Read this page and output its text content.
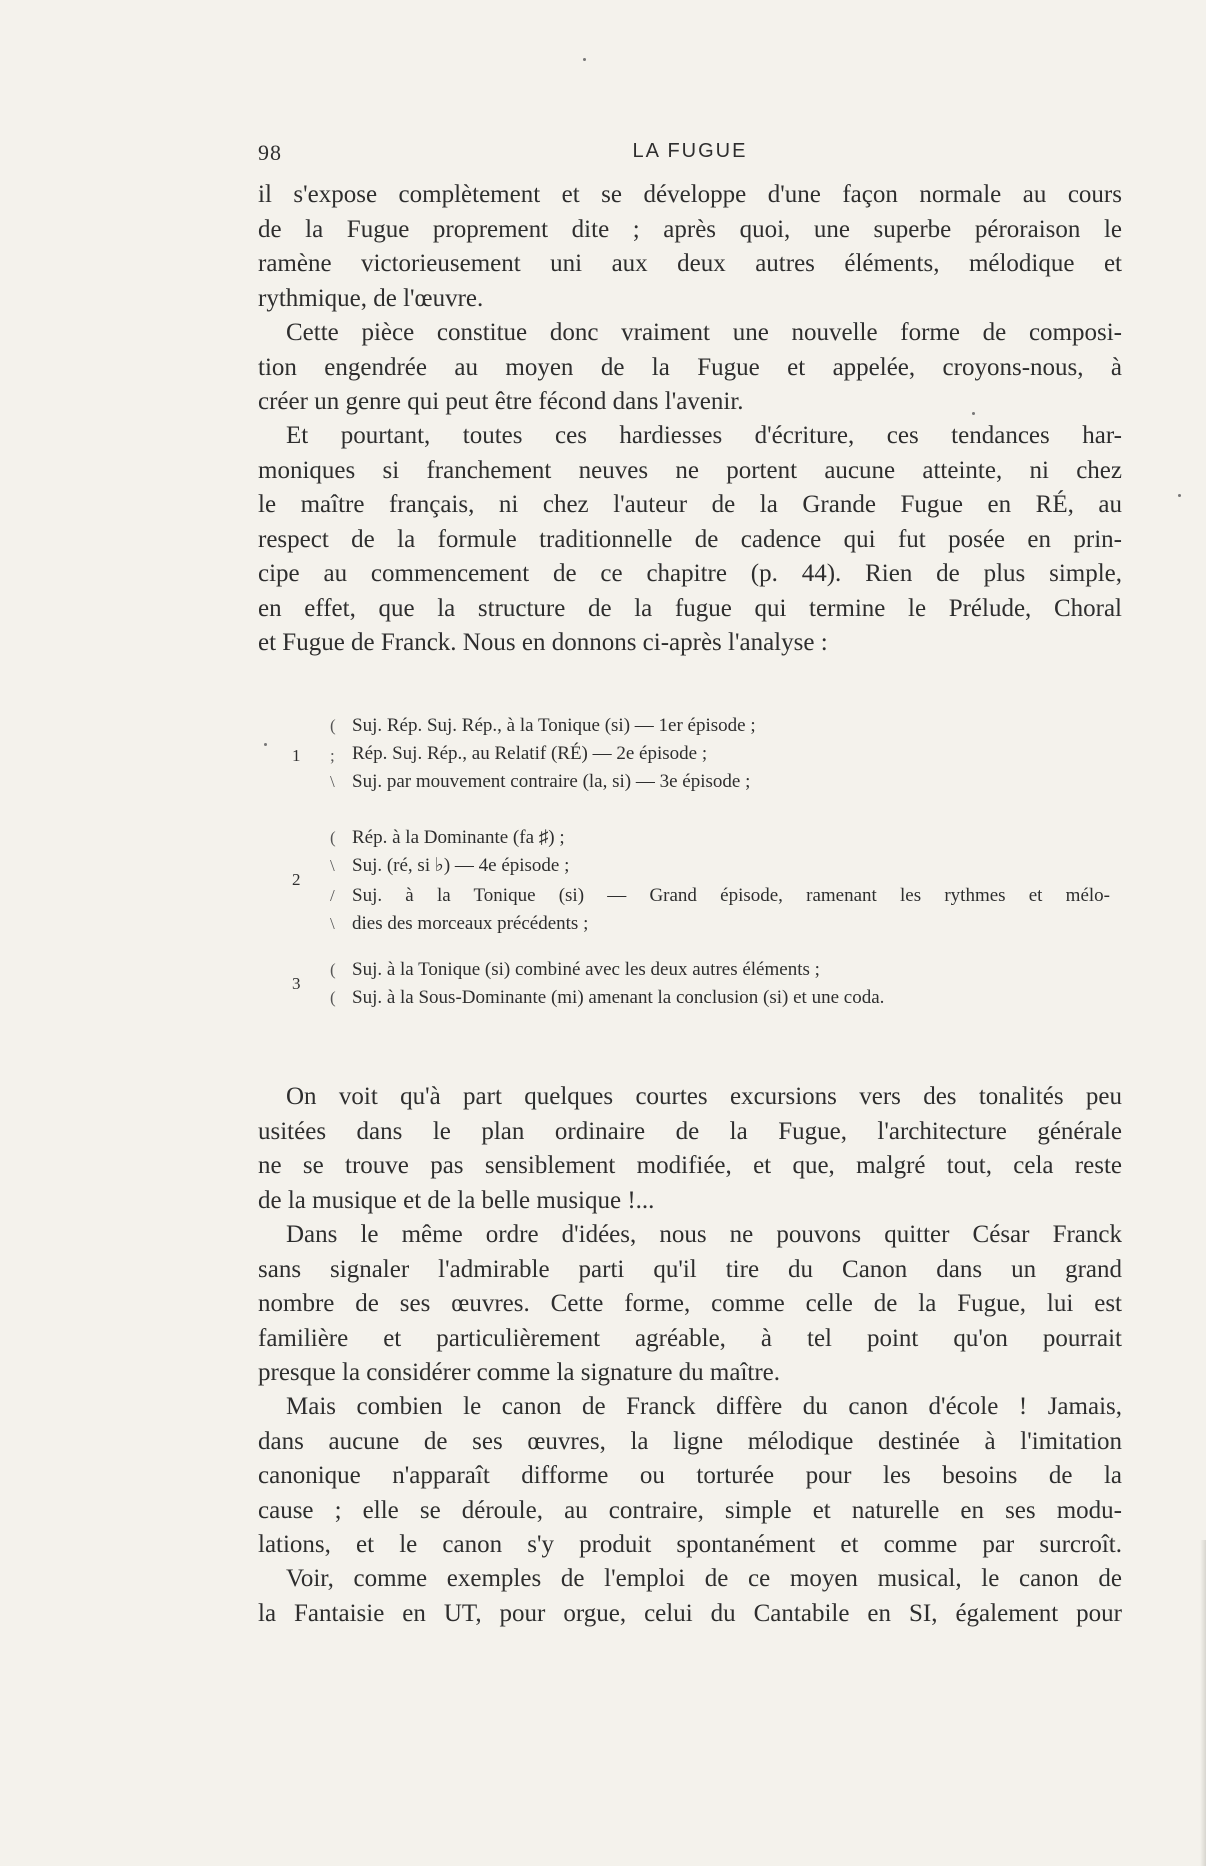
98	LA FUGUE
il s'expose complètement et se développe d'une façon normale au cours
de la Fugue proprement dite ; après quoi, une superbe péroraison le
ramène victorieusement uni aux deux autres éléments, mélodique et
rythmique, de l'œuvre.
Cette pièce constitue donc vraiment une nouvelle forme de composi-
tion engendrée au moyen de la Fugue et appelée, croyons-nous, à
créer un genre qui peut être fécond dans l'avenir.
Et pourtant, toutes ces hardiesses d'écriture, ces tendances har-
moniques si franchement neuves ne portent aucune atteinte, ni chez
le maître français, ni chez l'auteur de la Grande Fugue en RÉ, au
respect de la formule traditionnelle de cadence qui fut posée en prin-
cipe au commencement de ce chapitre (p. 44). Rien de plus simple,
en effet, que la structure de la fugue qui termine le Prélude, Choral
et Fugue de Franck. Nous en donnons ci-après l'analyse :
1
(
;
\
Suj. Rép. Suj. Rép., à la Tonique (si) — 1er épisode ;
Rép. Suj. Rép., au Relatif (RÉ) — 2e épisode ;
Suj. par mouvement contraire (la, si) — 3e épisode ;
2
(
\
/
\
Rép. à la Dominante (fa ♯) ;
Suj. (ré, si ♭) — 4e épisode ;
Suj. à la Tonique (si) — Grand épisode, ramenant les rythmes et mélo-
dies des morceaux précédents ;
3
(
(
Suj. à la Tonique (si) combiné avec les deux autres éléments ;
Suj. à la Sous-Dominante (mi) amenant la conclusion (si) et une coda.
On voit qu'à part quelques courtes excursions vers des tonalités peu
usitées dans le plan ordinaire de la Fugue, l'architecture générale
ne se trouve pas sensiblement modifiée, et que, malgré tout, cela reste
de la musique et de la belle musique !...
Dans le même ordre d'idées, nous ne pouvons quitter César Franck
sans signaler l'admirable parti qu'il tire du Canon dans un grand
nombre de ses œuvres. Cette forme, comme celle de la Fugue, lui est
familière et particulièrement agréable, à tel point qu'on pourrait
presque la considérer comme la signature du maître.
Mais combien le canon de Franck diffère du canon d'école ! Jamais,
dans aucune de ses œuvres, la ligne mélodique destinée à l'imitation
canonique n'apparaît difforme ou torturée pour les besoins de la
cause ; elle se déroule, au contraire, simple et naturelle en ses modu-
lations, et le canon s'y produit spontanément et comme par surcroît.
Voir, comme exemples de l'emploi de ce moyen musical, le canon de
la Fantaisie en UT, pour orgue, celui du Cantabile en SI, également pour
